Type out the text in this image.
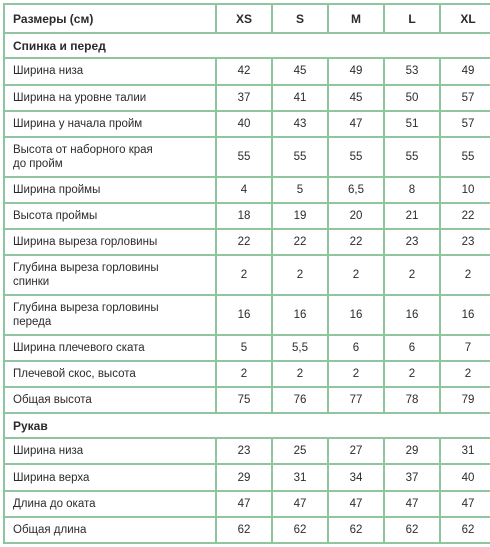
Размеры (см)	XS	S	M	L	XL
Спинка и перед					
Ширина низа	42	45	49	53	49
Ширина на уровне талии	37	41	45	50	57
Ширина у начала пройм	40	43	47	51	57
Высота от наборного края
до пройм	55	55	55	55	55
Ширина проймы	4	5	6,5	8	10
Высота проймы	18	19	20	21	22
Ширина выреза горловины	22	22	22	23	23
Глубина выреза горловины
спинки	2	2	2	2	2
Глубина выреза горловины
переда	16	16	16	16	16
Ширина плечевого ската	5	5,5	6	6	7
Плечевой скос, высота	2	2	2	2	2
Общая высота	75	76	77	78	79
Рукав					
Ширина низа	23	25	27	29	31
Ширина верха	29	31	34	37	40
Длина до оката	47	47	47	47	47
Общая длина	62	62	62	62	62
